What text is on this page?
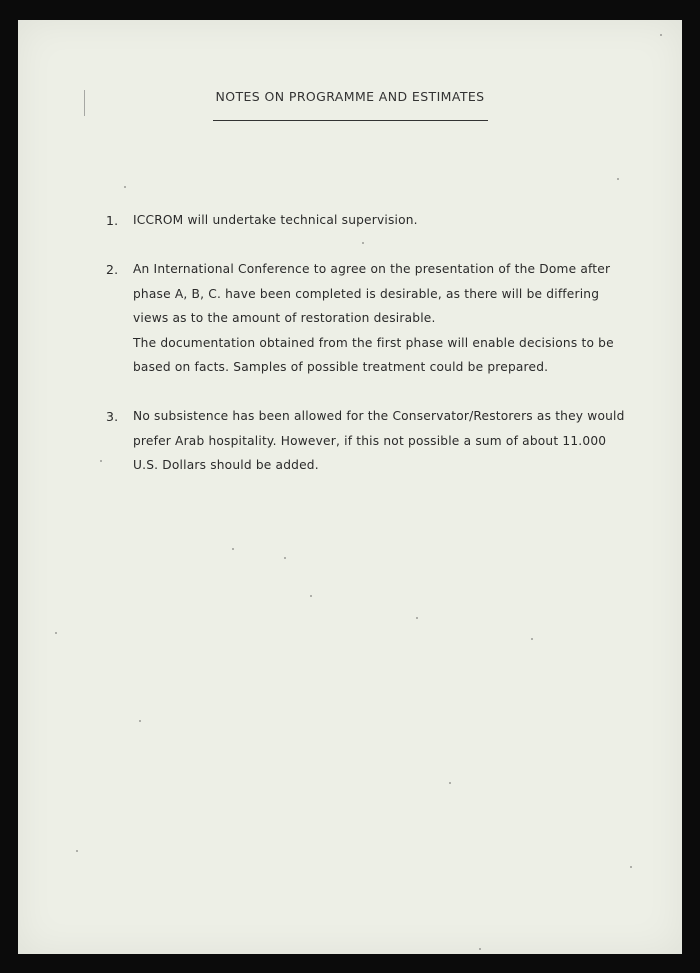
NOTES ON PROGRAMME AND ESTIMATES
1. ICCROM will undertake technical supervision.
2. An International Conference to agree on the presentation of the Dome after
phase A, B, C. have been completed is desirable, as there will be differing
views as to the amount of restoration desirable.
The documentation obtained from the first phase will enable decisions to be
based on facts. Samples of possible treatment could be prepared.
3. No subsistence has been allowed for the Conservator/Restorers as they would
prefer Arab hospitality. However, if this not possible a sum of about 11.000
U.S. Dollars should be added.
